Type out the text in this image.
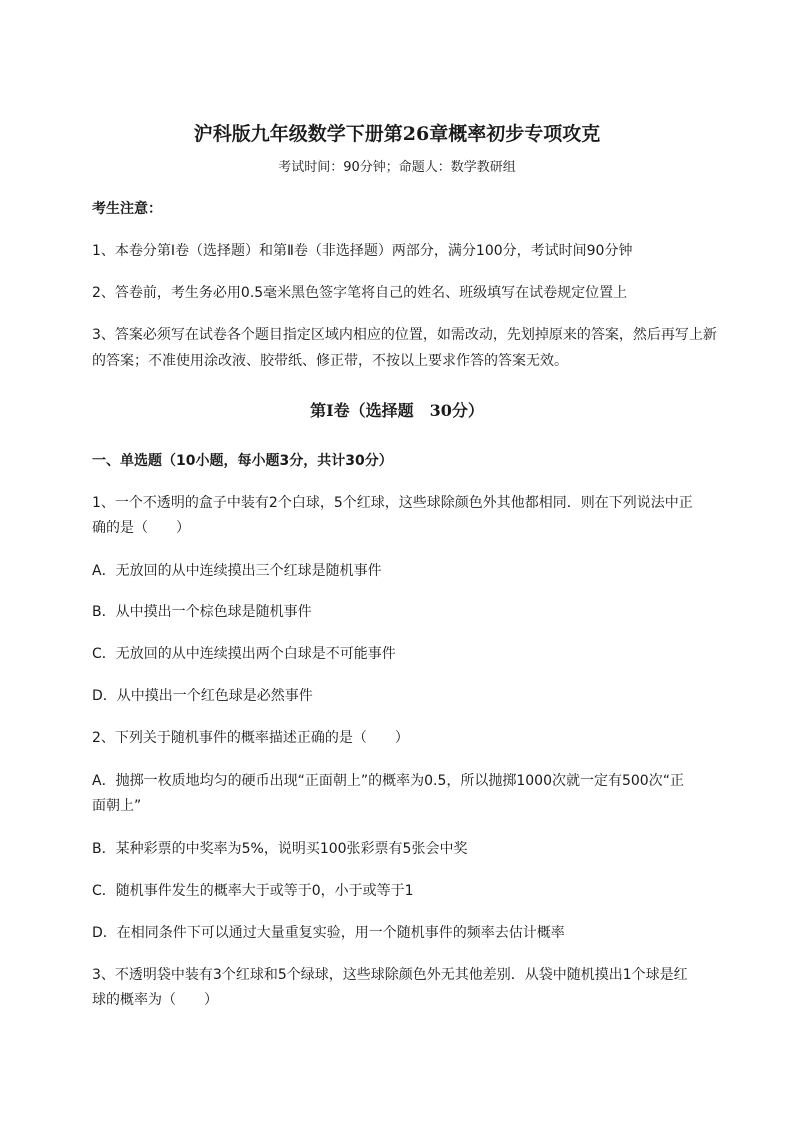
沪科版九年级数学下册第26章概率初步专项攻克
考试时间：90分钟；命题人：数学教研组
考生注意：
1、本卷分第I卷（选择题）和第Ⅱ卷（非选择题）两部分，满分100分，考试时间90分钟
2、答卷前，考生务必用0.5毫米黑色签字笔将自己的姓名、班级填写在试卷规定位置上
3、答案必须写在试卷各个题目指定区域内相应的位置，如需改动，先划掉原来的答案，然后再写上新
的答案；不准使用涂改液、胶带纸、修正带，不按以上要求作答的答案无效。
第I卷（选择题　30分）
一、单选题（10小题，每小题3分，共计30分）
1、一个不透明的盒子中装有2个白球，5个红球，这些球除颜色外其他都相同．则在下列说法中正
确的是（　　）
A．无放回的从中连续摸出三个红球是随机事件
B．从中摸出一个棕色球是随机事件
C．无放回的从中连续摸出两个白球是不可能事件
D．从中摸出一个红色球是必然事件
2、下列关于随机事件的概率描述正确的是（　　）
A．抛掷一枚质地均匀的硬币出现“正面朝上”的概率为0.5，所以抛掷1000次就一定有500次“正
面朝上”
B．某种彩票的中奖率为5%，说明买100张彩票有5张会中奖
C．随机事件发生的概率大于或等于0，小于或等于1
D．在相同条件下可以通过大量重复实验，用一个随机事件的频率去估计概率
3、不透明袋中装有3个红球和5个绿球，这些球除颜色外无其他差别．从袋中随机摸出1个球是红
球的概率为（　　）
